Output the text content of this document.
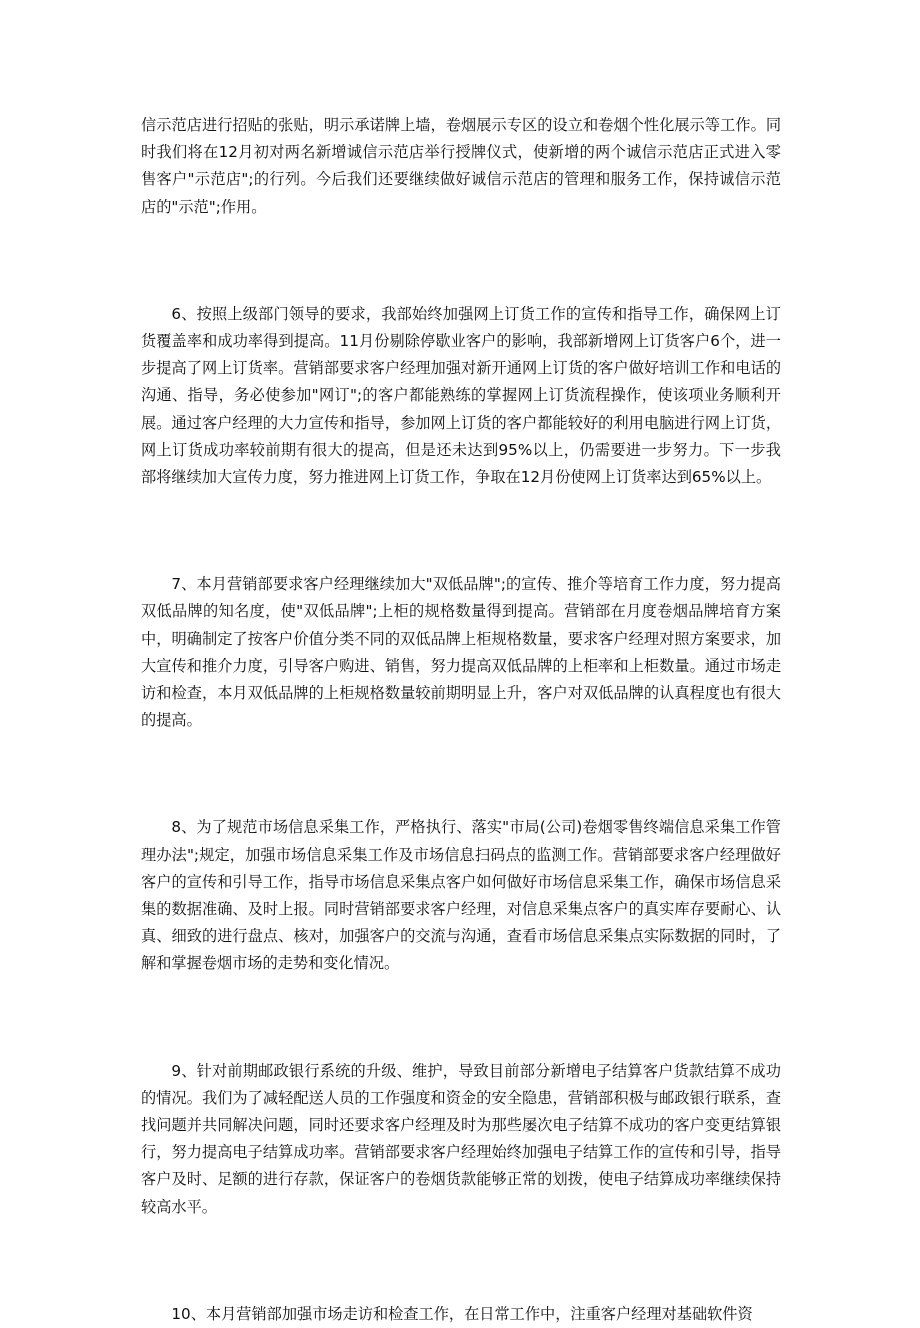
信示范店进行招贴的张贴，明示承诺牌上墙，卷烟展示专区的设立和卷烟个性化展示等工作。同时我们将在12月初对两名新增诚信示范店举行授牌仪式，使新增的两个诚信示范店正式进入零售客户"示范店";的行列。今后我们还要继续做好诚信示范店的管理和服务工作，保持诚信示范店的"示范";作用。

6、按照上级部门领导的要求，我部始终加强网上订货工作的宣传和指导工作，确保网上订货覆盖率和成功率得到提高。11月份剔除停歇业客户的影响，我部新增网上订货客户6个，进一步提高了网上订货率。营销部要求客户经理加强对新开通网上订货的客户做好培训工作和电话的沟通、指导，务必使参加"网订";的客户都能熟练的掌握网上订货流程操作，使该项业务顺利开展。通过客户经理的大力宣传和指导，参加网上订货的客户都能较好的利用电脑进行网上订货，网上订货成功率较前期有很大的提高，但是还未达到95%以上，仍需要进一步努力。下一步我部将继续加大宣传力度，努力推进网上订货工作，争取在12月份使网上订货率达到65%以上。

7、本月营销部要求客户经理继续加大"双低品牌";的宣传、推介等培育工作力度，努力提高双低品牌的知名度，使"双低品牌";上柜的规格数量得到提高。营销部在月度卷烟品牌培育方案中，明确制定了按客户价值分类不同的双低品牌上柜规格数量，要求客户经理对照方案要求，加大宣传和推介力度，引导客户购进、销售，努力提高双低品牌的上柜率和上柜数量。通过市场走访和检查，本月双低品牌的上柜规格数量较前期明显上升，客户对双低品牌的认真程度也有很大的提高。

8、为了规范市场信息采集工作，严格执行、落实"市局(公司)卷烟零售终端信息采集工作管理办法";规定，加强市场信息采集工作及市场信息扫码点的监测工作。营销部要求客户经理做好客户的宣传和引导工作，指导市场信息采集点客户如何做好市场信息采集工作，确保市场信息采集的数据准确、及时上报。同时营销部要求客户经理，对信息采集点客户的真实库存要耐心、认真、细致的进行盘点、核对，加强客户的交流与沟通，查看市场信息采集点实际数据的同时，了解和掌握卷烟市场的走势和变化情况。

9、针对前期邮政银行系统的升级、维护，导致目前部分新增电子结算客户货款结算不成功的情况。我们为了减轻配送人员的工作强度和资金的安全隐患，营销部积极与邮政银行联系，查找问题并共同解决问题，同时还要求客户经理及时为那些屡次电子结算不成功的客户变更结算银行，努力提高电子结算成功率。营销部要求客户经理始终加强电子结算工作的宣传和引导，指导客户及时、足额的进行存款，保证客户的卷烟货款能够正常的划拨，使电子结算成功率继续保持较高水平。

10、本月营销部加强市场走访和检查工作，在日常工作中，注重客户经理对基础软件资
